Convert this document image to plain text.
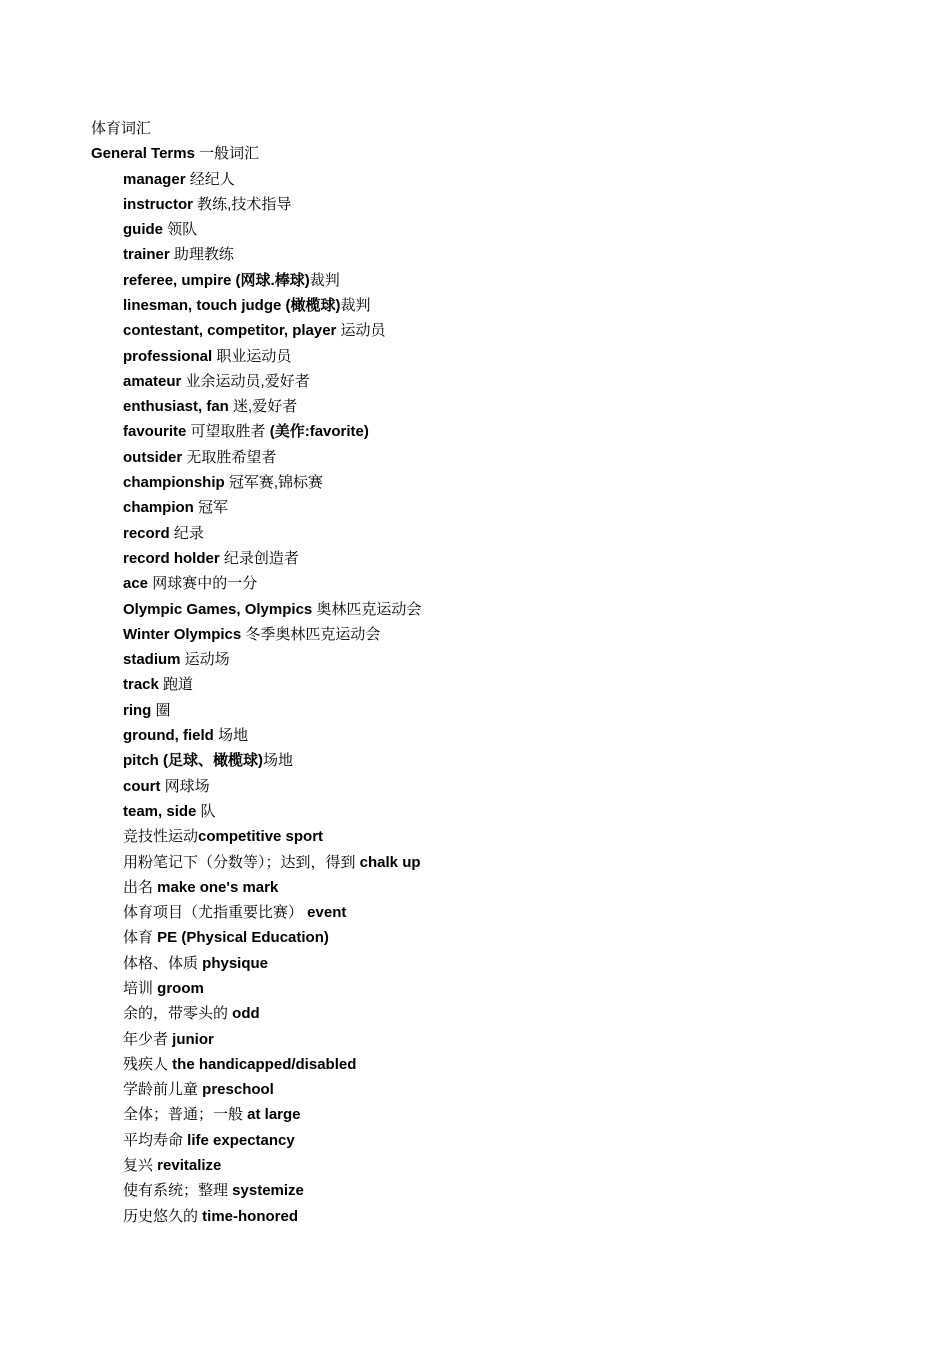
体育词汇
General Terms 一般词汇
manager 经纪人
instructor 教练,技术指导
guide 领队
trainer 助理教练
referee, umpire (网球.棒球)裁判
linesman, touch judge (橄榄球)裁判
contestant, competitor, player 运动员
professional 职业运动员
amateur 业余运动员,爱好者
enthusiast, fan 迷,爱好者
favourite 可望取胜者 (美作:favorite)
outsider 无取胜希望者
championship 冠军赛,锦标赛
champion 冠军
record 纪录
record holder 纪录创造者
ace 网球赛中的一分
Olympic Games, Olympics 奥林匹克运动会
Winter Olympics 冬季奥林匹克运动会
stadium 运动场
track 跑道
ring 圈
ground, field 场地
pitch (足球、橄榄球)场地
court 网球场
team, side 队
竞技性运动competitive sport
用粉笔记下（分数等）；达到，得到 chalk up
出名 make one's mark
体育项目（尤指重要比赛） event
体育 PE (Physical Education)
体格、体质 physique
培训 groom
余的，带零头的 odd
年少者 junior
残疾人 the handicapped/disabled
学龄前儿童 preschool
全体；普通；一般 at large
平均寿命 life expectancy
复兴 revitalize
使有系统；整理 systemize
历史悠久的 time-honored
